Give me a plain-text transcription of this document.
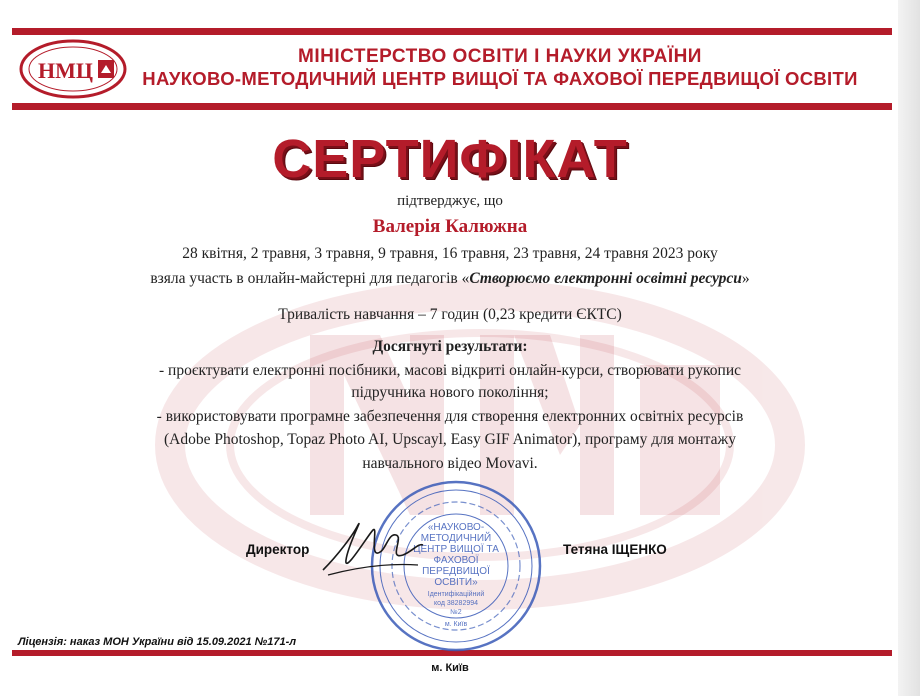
НМЦ
МІНІСТЕРСТВО ОСВІТИ І НАУКИ УКРАЇНИ
НАУКОВО-МЕТОДИЧНИЙ ЦЕНТР ВИЩОЇ ТА ФАХОВОЇ ПЕРЕДВИЩОЇ ОСВІТИ
СЕРТИФІКАТ
підтверджує, що
Валерія Калюжна
28 квітня, 2 травня, 3 травня, 9 травня, 16 травня, 23 травня, 24 травня 2023 року
взяла участь в онлайн-майстерні для педагогів «Створюємо електронні освітні ресурси»
Тривалість навчання – 7 годин (0,23 кредити ЄКТС)
Досягнуті результати:
- проєктувати електронні посібники, масові відкриті онлайн-курси, створювати рукопис
підручника нового покоління;
- використовувати програмне забезпечення для створення електронних освітніх ресурсів
(Adobe Photoshop, Topaz Photo AI, Upscayl, Easy GIF Animator), програму для монтажу
навчального відео Movavi.
«НАУКОВО-
МЕТОДИЧНИЙ
ЦЕНТР ВИЩОЇ ТА
ФАХОВОЇ
ПЕРЕДВИЩОЇ
ОСВІТИ»
Ідентифікаційний
код 38282994
№2
м. Київ
Директор	Тетяна ІЩЕНКО
Ліцензія: наказ МОН України від 15.09.2021 №171-л
м. Київ
